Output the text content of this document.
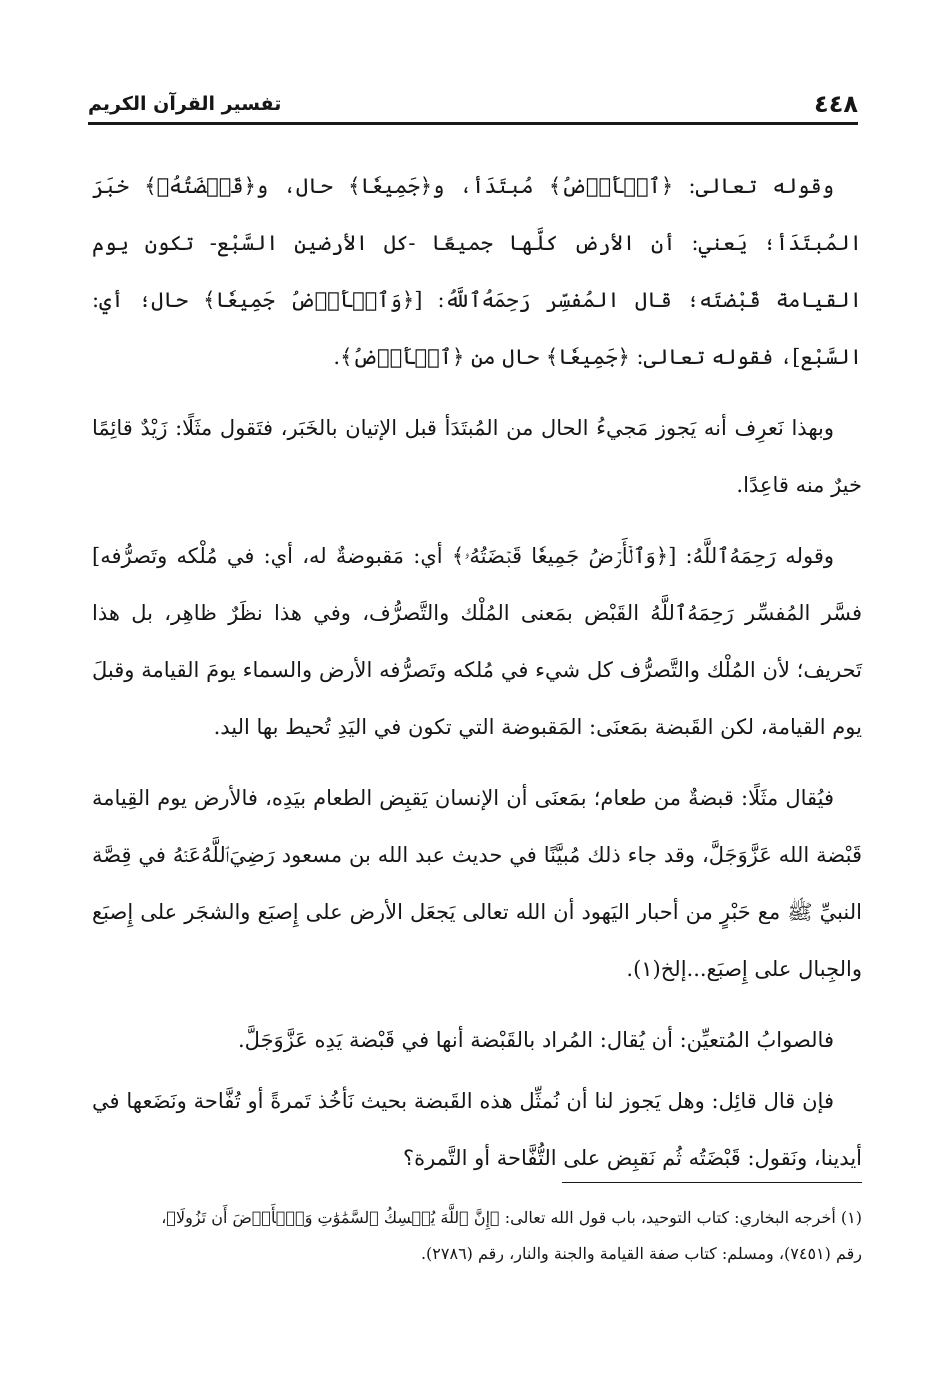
٤٤٨
تفسير القرآن الكريم

وقوله تعالى: ﴿ٱلۡأَرۡضُ﴾ مُبتَدَأ، و﴿جَمِيعٗا﴾ حال، و﴿قَبۡضَتُهُۥ﴾ خبَرَ المُبتَدَأ؛ يَعني: أن الأرض كلَّها جميعًا -كل الأرضين السَّبْع- تكون يوم القيامة قَبْضتَه؛ قال المُفسِّر رَحِمَهُ‌ٱللَّهُ: [﴿وَٱلۡأَرۡضُ جَمِيعٗا﴾ حال؛ أي: السَّبْع]، فقوله تعالى: ﴿جَمِيعٗا﴾ حال من ﴿ٱلۡأَرۡضُ﴾.

وبهذا نَعرِف أنه يَجوز مَجيءُ الحال من المُبتَدَأ قبل الإتيان بالخَبَر، فتَقول مثَلًا: زَيْدٌ قائِمًا خيرٌ منه قاعِدًا.

وقوله رَحِمَهُ‌ٱللَّهُ: [﴿وَٱلۡأَرۡضُ جَمِيعٗا قَبۡضَتُهُۥ﴾ أي: مَقبوضةٌ له، أي: في مُلْكه وتَصرُّفه] فسَّر المُفسِّر رَحِمَهُ‌ٱللَّهُ القَبْض بمَعنى المُلْك والتَّصرُّف، وفي هذا نظَرٌ ظاهِر، بل هذا تَحريف؛ لأن المُلْك والتَّصرُّف كل شيء في مُلكه وتَصرُّفه الأرض والسماء يومَ القيامة وقبلَ يوم القيامة، لكن القَبضة بمَعنَى: المَقبوضة التي تكون في اليَدِ تُحيط بها اليد.

فيُقال مثَلًا: قبضةٌ من طعام؛ بمَعنَى أن الإنسان يَقبِض الطعام بيَدِه، فالأرض يوم القِيامة قَبْضة الله عَزَّ‌وَجَلَّ، وقد جاء ذلك مُبيَّنًا في حديث عبد الله بن مسعود رَضِيَ‌ٱللَّهُ‌عَنۡهُ في قِصَّة النبيِّ ﷺ مع حَبْرٍ من أحبار اليَهود أن الله تعالى يَجعَل الأرض على إِصبَع والشجَر على إِصبَع والجِبال على إِصبَع...إلخ(١).

فالصوابُ المُتعيِّن: أن يُقال: المُراد بالقَبْضة أنها في قَبْضة يَدِه عَزَّ‌وَجَلَّ.

فإن قال قائِل: وهل يَجوز لنا أن نُمثِّل هذه القَبضة بحيث نَأخُذ تَمرةً أو تُفَّاحة ونَضَعها في أيدينا، ونَقول: قَبْضَتُه ثُم نَقبِض على التُّفَّاحة أو التَّمرة؟

(١) أخرجه البخاري: كتاب التوحيد، باب قول الله تعالى: ﴿إِنَّ ٱللَّهَ يُمۡسِكُ ٱلسَّمَٰوَٰتِ وَٱلۡأَرۡضَ أَن تَزُولَا﴾،

رقم (٧٤٥١)، ومسلم: كتاب صفة القيامة والجنة والنار، رقم (٢٧٨٦).
